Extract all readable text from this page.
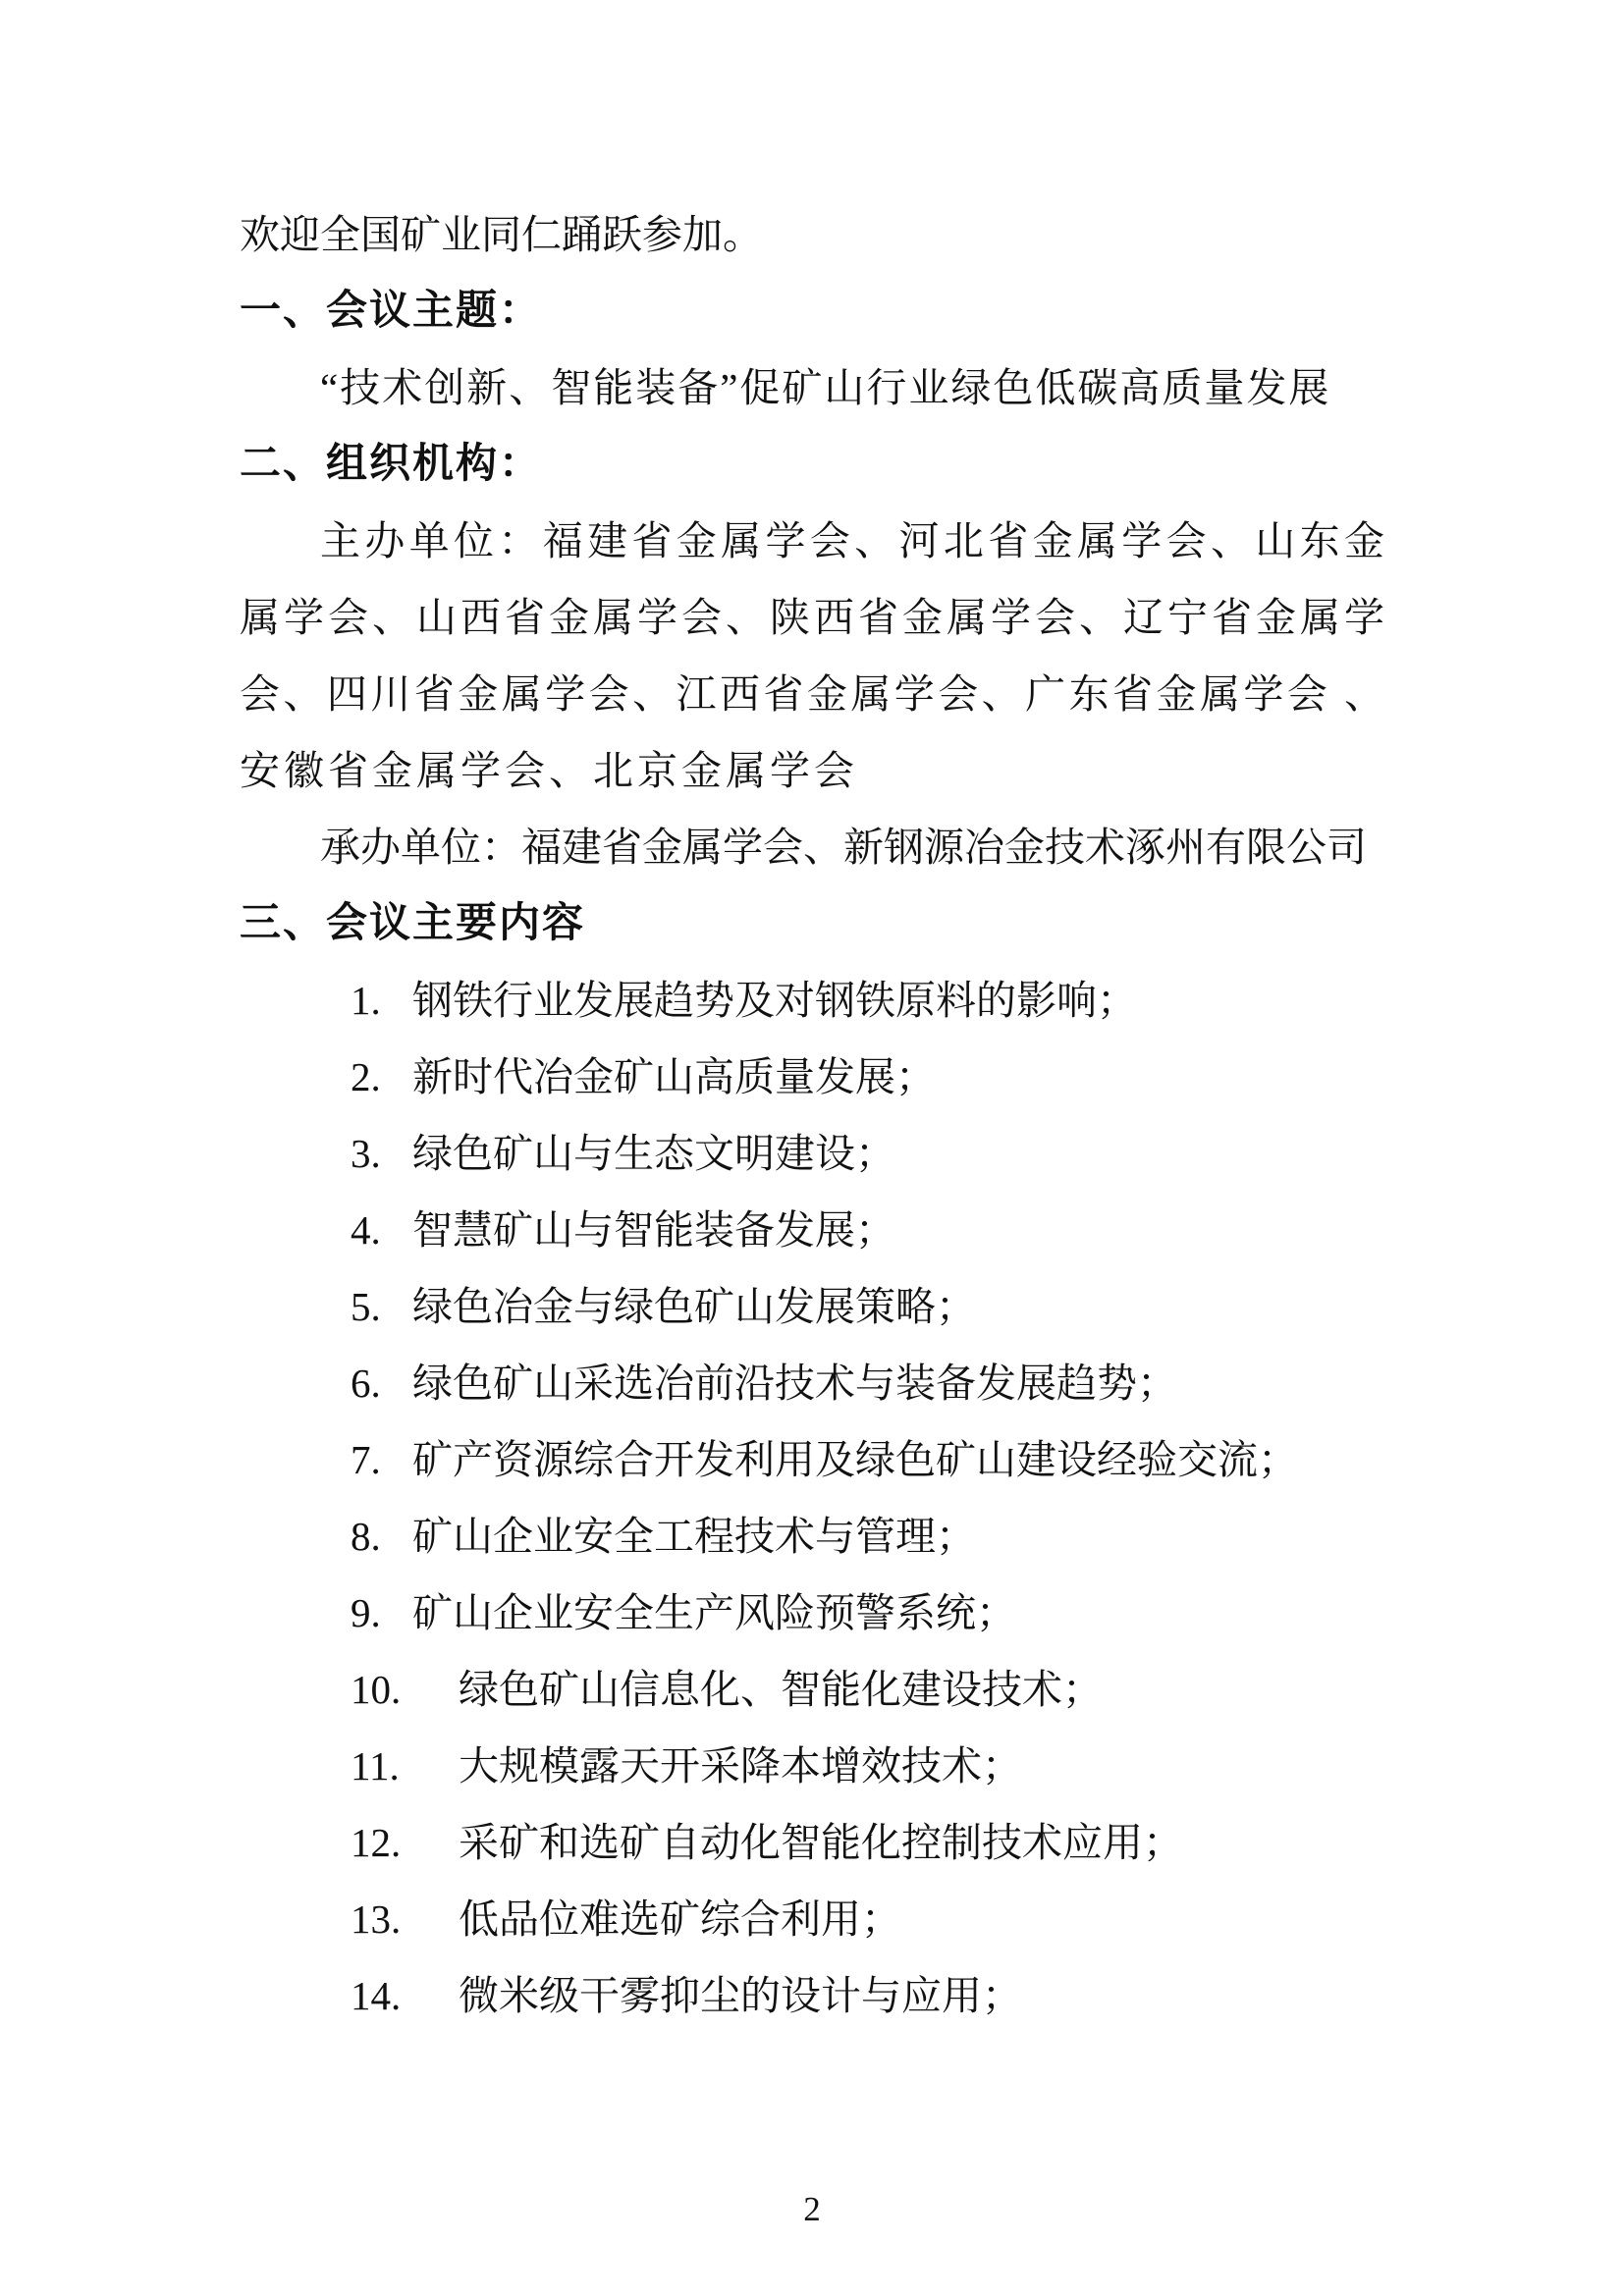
欢迎全国矿业同仁踊跃参加。
一、会议主题：
“技术创新、智能装备”促矿山行业绿色低碳高质量发展
二、组织机构：
主办单位：福建省金属学会、河北省金属学会、山东金
属学会、山西省金属学会、陕西省金属学会、辽宁省金属学
会、四川省金属学会、江西省金属学会、广东省金属学会 、
安徽省金属学会、北京金属学会
承办单位：福建省金属学会、新钢源冶金技术涿州有限公司
三、会议主要内容
1. 钢铁行业发展趋势及对钢铁原料的影响；
2. 新时代冶金矿山高质量发展；
3. 绿色矿山与生态文明建设；
4. 智慧矿山与智能装备发展；
5. 绿色冶金与绿色矿山发展策略；
6. 绿色矿山采选冶前沿技术与装备发展趋势；
7. 矿产资源综合开发利用及绿色矿山建设经验交流；
8. 矿山企业安全工程技术与管理；
9. 矿山企业安全生产风险预警系统；
10. 绿色矿山信息化、智能化建设技术；
11. 大规模露天开采降本增效技术；
12. 采矿和选矿自动化智能化控制技术应用；
13. 低品位难选矿综合利用；
14. 微米级干雾抑尘的设计与应用；
2
